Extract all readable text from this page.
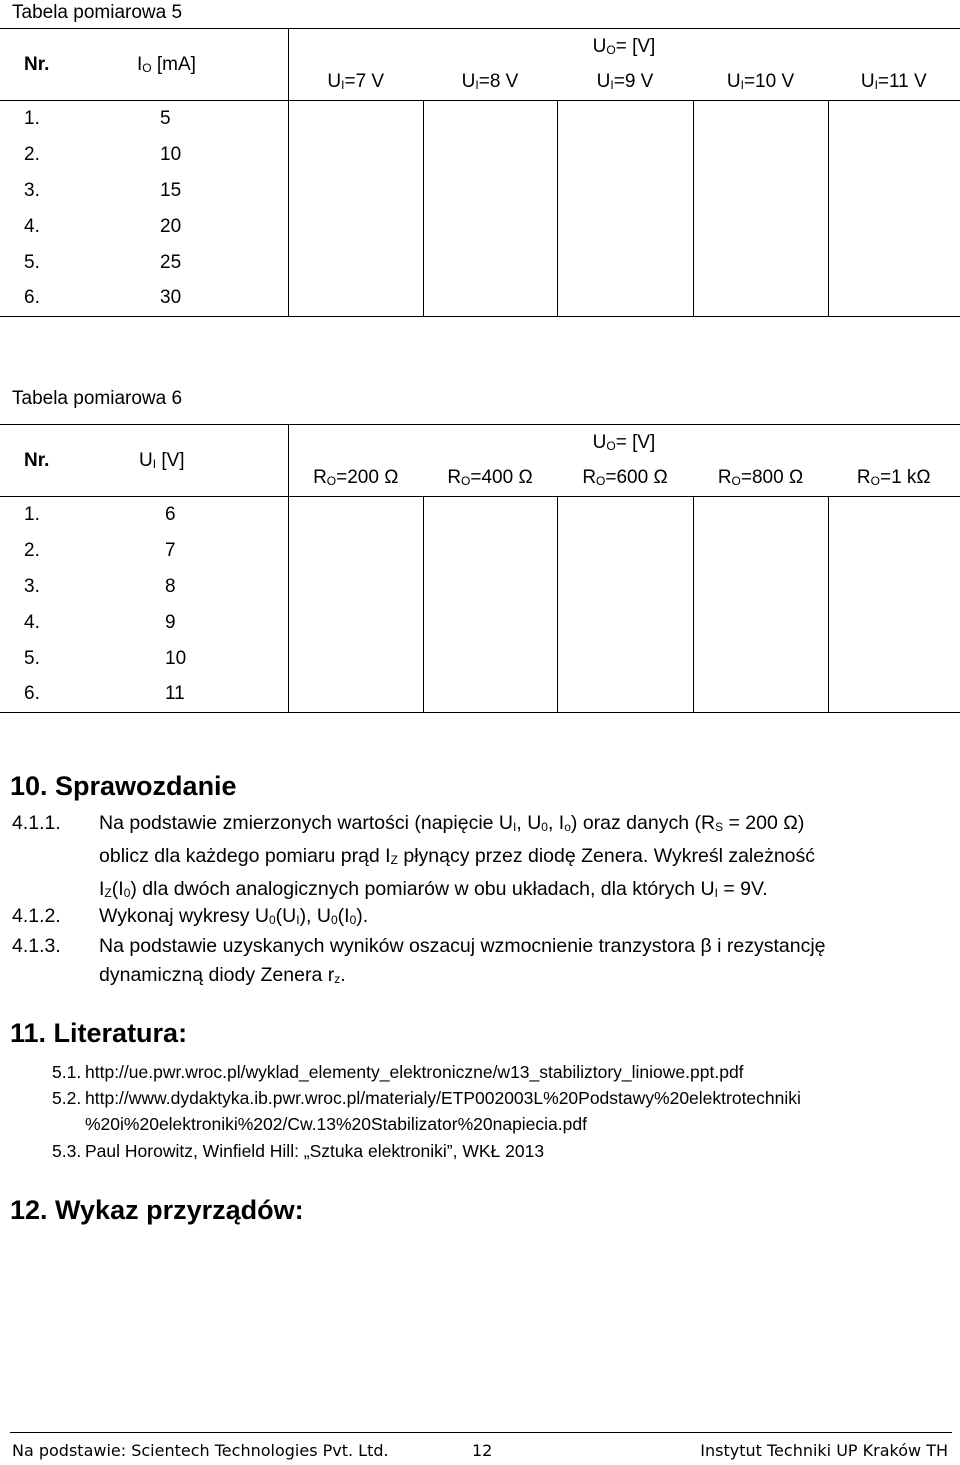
Tabela pomiarowa 5
Nr.	$I_O$ [mA]	$U_O= [V]$				
		$U_I=7$ V	$U_I=8$ V	$U_I=9$ V	$U_I=10$ V	$U_I=11$ V
1.	5					
2.	10					
3.	15					
4.	20					
5.	25					
6.	30					
Tabela pomiarowa 6
Nr.	$U_I$ [V]	$U_O= [V]$				
		$R_O=200$ Ω	$R_O=400$ Ω	$R_O=600$ Ω	$R_O=800$ Ω	$R_O=1$ kΩ
1.	6					
2.	7					
3.	8					
4.	9					
5.	10					
6.	11					
10. Sprawozdanie
4.1.1. Na podstawie zmierzonych wartości (napięcie $U_I$, $U_0$, $I_o$) oraz danych ($R_S = 200$ Ω)
oblicz dla każdego pomiaru prąd $I_Z$ płynący przez diodę Zenera. Wykreśl zależność
$I_Z(I_0)$ dla dwóch analogicznych pomiarów w obu układach, dla których $U_I = 9V$.
4.1.2. Wykonaj wykresy $U_0(U_I)$, $U_0(I_0)$.
4.1.3. Na podstawie uzyskanych wyników oszacuj wzmocnienie tranzystora β i rezystancję
dynamiczną diody Zenera $r_z$.
11. Literatura:
5.1. http://ue.pwr.wroc.pl/wyklad_elementy_elektroniczne/w13_stabiliztory_liniowe.ppt.pdf
5.2. http://www.dydaktyka.ib.pwr.wroc.pl/materialy/ETP002003L%20Podstawy%20elektrotechniki
%20i%20elektroniki%202/Cw.13%20Stabilizator%20napiecia.pdf
5.3. Paul Horowitz, Winfield Hill: „Sztuka elektroniki”, WKŁ 2013
12. Wykaz przyrządów:
Na podstawie: Scientech Technologies Pvt. Ltd.	12	Instytut Techniki UP Kraków TH
